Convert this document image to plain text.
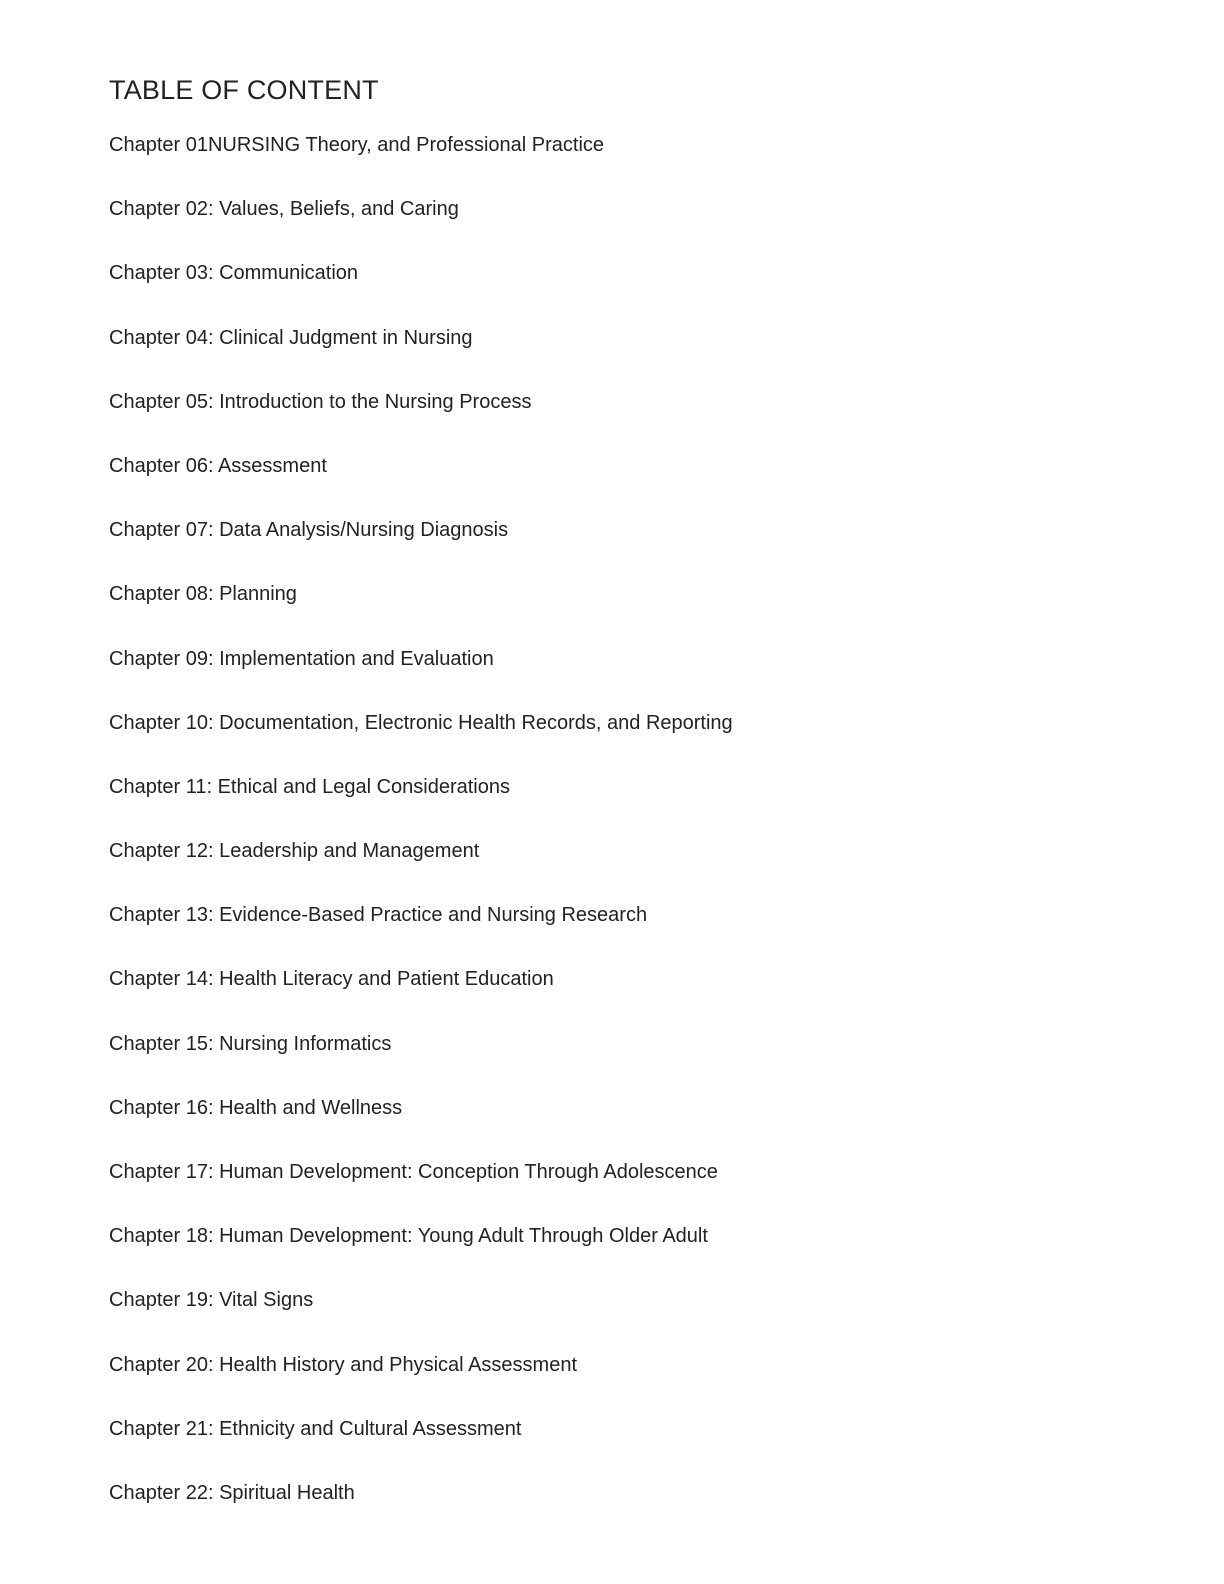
TABLE OF CONTENT
Chapter 01NURSING Theory, and Professional Practice
Chapter 02: Values, Beliefs, and Caring
Chapter 03: Communication
Chapter 04: Clinical Judgment in Nursing
Chapter 05: Introduction to the Nursing Process
Chapter 06: Assessment
Chapter 07: Data Analysis/Nursing Diagnosis
Chapter 08: Planning
Chapter 09: Implementation and Evaluation
Chapter 10: Documentation, Electronic Health Records, and Reporting
Chapter 11: Ethical and Legal Considerations
Chapter 12: Leadership and Management
Chapter 13: Evidence-Based Practice and Nursing Research
Chapter 14: Health Literacy and Patient Education
Chapter 15: Nursing Informatics
Chapter 16: Health and Wellness
Chapter 17: Human Development: Conception Through Adolescence
Chapter 18: Human Development: Young Adult Through Older Adult
Chapter 19: Vital Signs
Chapter 20: Health History and Physical Assessment
Chapter 21: Ethnicity and Cultural Assessment
Chapter 22: Spiritual Health
